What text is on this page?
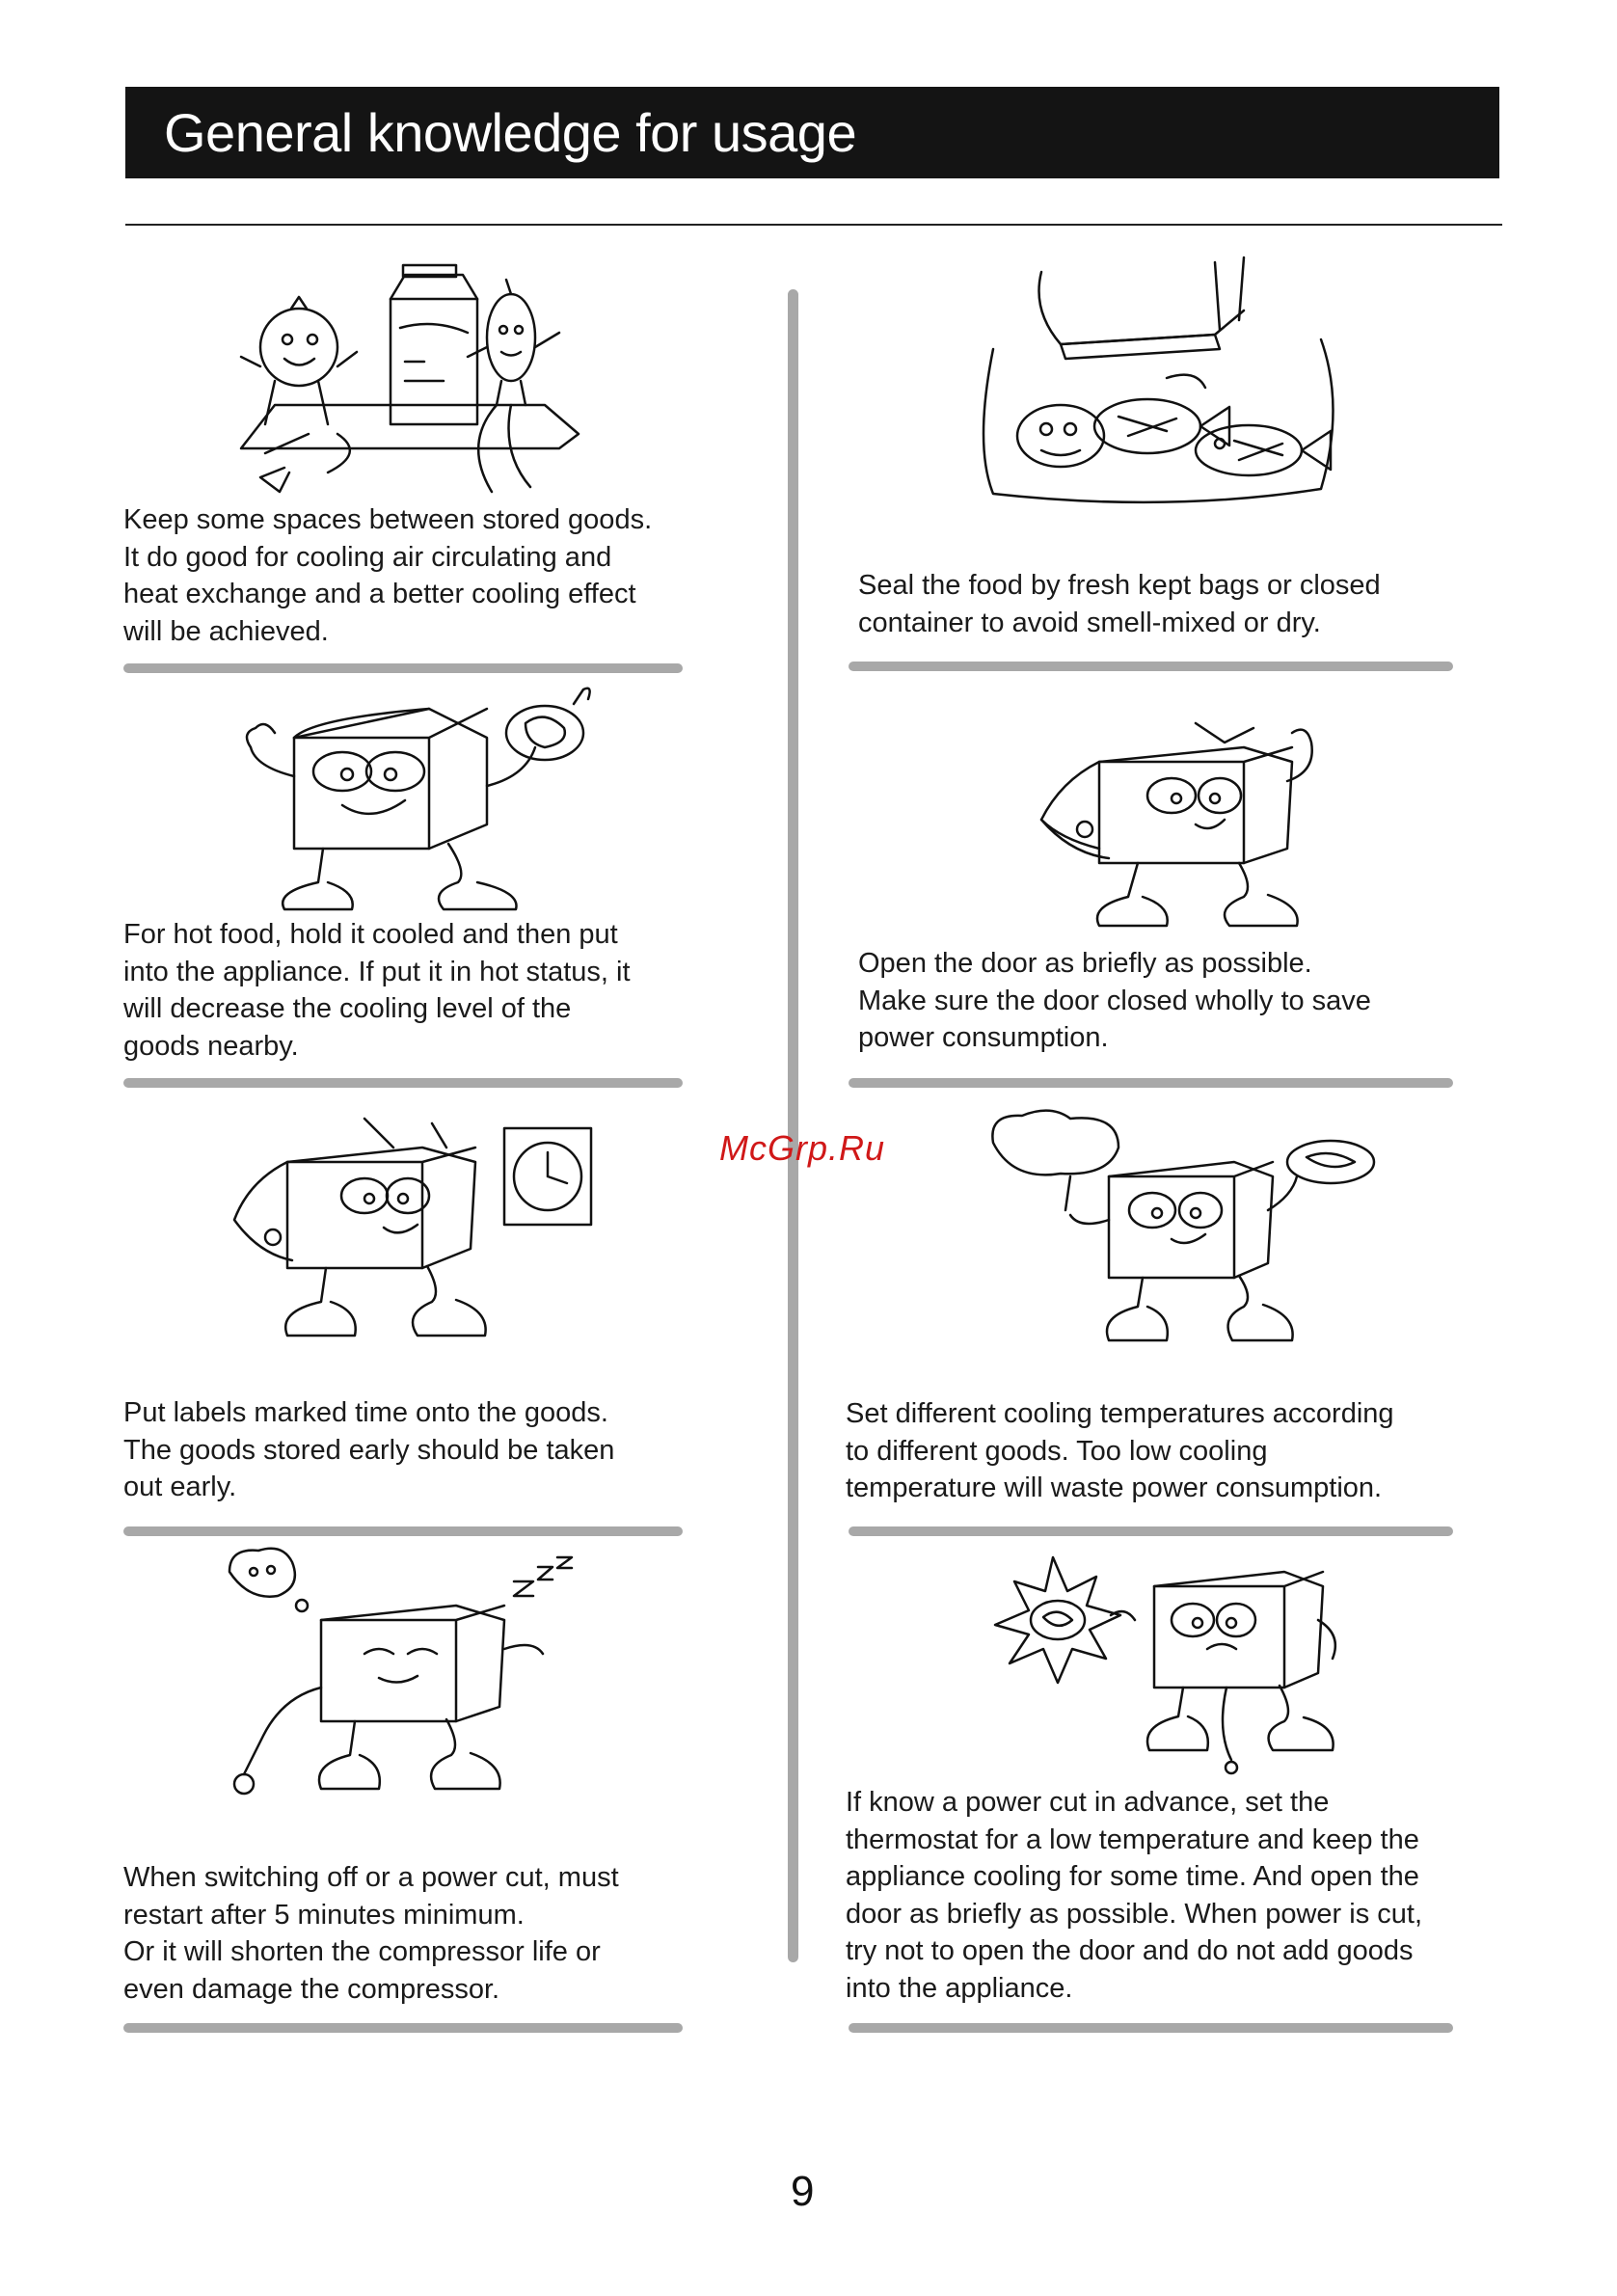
General knowledge for usage
Keep some spaces between stored goods.
It do good for cooling air circulating and
heat exchange and a better cooling effect
will be achieved.
Seal the food by fresh kept bags or closed
container to avoid smell-mixed or dry.
For hot food, hold it cooled and then put
into the appliance. If put it in hot status, it
will decrease the cooling level of the
goods nearby.
Open the door as briefly as possible.
Make sure the door closed wholly to save
power consumption.
Put labels marked time onto the goods.
The goods stored early should be taken
out early.
Set different cooling temperatures according
to different goods. Too low cooling
temperature will waste power consumption.
When switching off or a power cut, must
restart after 5 minutes minimum.
Or it will shorten the compressor life or
even damage the compressor.
If know a power cut in advance, set the
thermostat for a low temperature and keep the
appliance cooling for some time. And open the
door as briefly as possible. When power is cut,
try not to open the door and do not add goods
into the appliance.
McGrp.Ru
9
